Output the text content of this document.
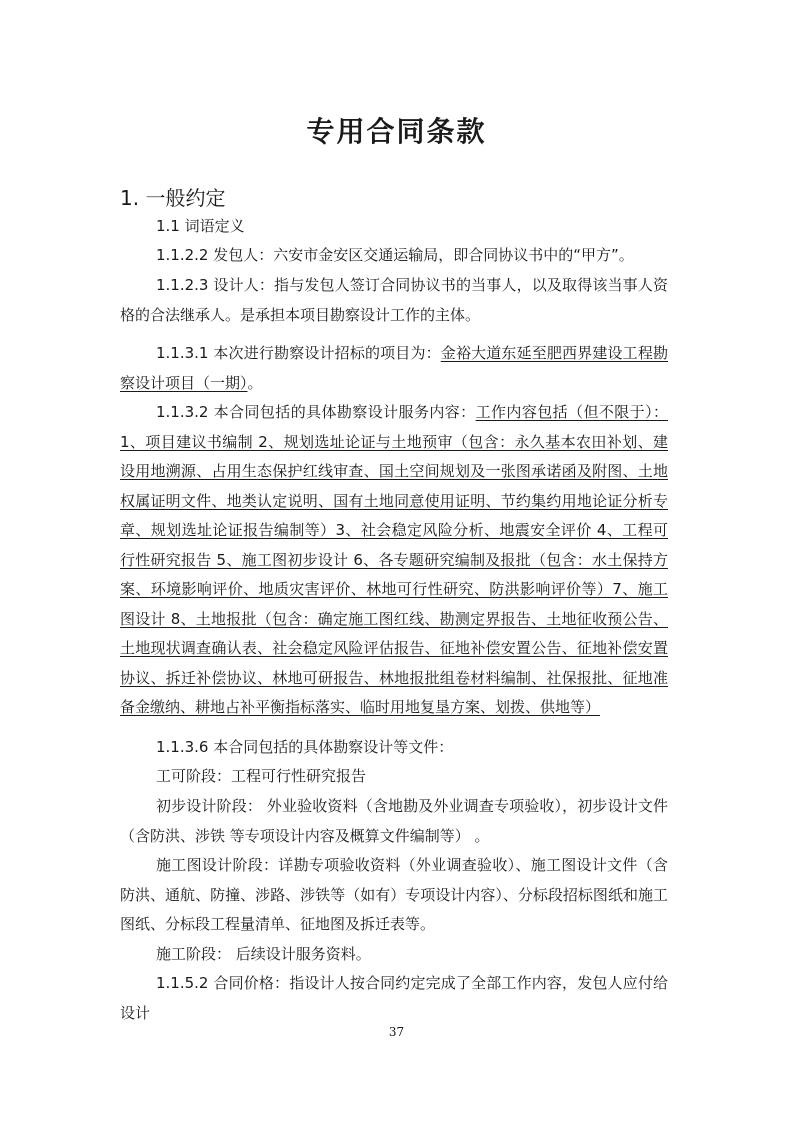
专用合同条款
1. 一般约定

1.1 词语定义

1.1.2.2 发包人：六安市金安区交通运输局，即合同协议书中的“甲方”。

1.1.2.3 设计人：指与发包人签订合同协议书的当事人，以及取得该当事人资格的合法继承人。是承担本项目勘察设计工作的主体。

1.1.3.1 本次进行勘察设计招标的项目为：金裕大道东延至肥西界建设工程勘察设计项目（一期）。

1.1.3.2 本合同包括的具体勘察设计服务内容：工作内容包括（但不限于）：1、项目建议书编制 2、规划选址论证与土地预审（包含：永久基本农田补划、建设用地溯源、占用生态保护红线审查、国土空间规划及一张图承诺函及附图、土地权属证明文件、地类认定说明、国有土地同意使用证明、节约集约用地论证分析专章、规划选址论证报告编制等）3、社会稳定风险分析、地震安全评价 4、工程可行性研究报告 5、施工图初步设计 6、各专题研究编制及报批（包含：水土保持方案、环境影响评价、地质灾害评价、林地可行性研究、防洪影响评价等）7、施工图设计 8、土地报批（包含：确定施工图红线、勘测定界报告、土地征收预公告、土地现状调查确认表、社会稳定风险评估报告、征地补偿安置公告、征地补偿安置协议、拆迁补偿协议、林地可研报告、林地报批组卷材料编制、社保报批、征地准备金缴纳、耕地占补平衡指标落实、临时用地复垦方案、划拨、供地等）

1.1.3.6 本合同包括的具体勘察设计等文件：

工可阶段：工程可行性研究报告

初步设计阶段： 外业验收资料（含地勘及外业调查专项验收），初步设计文件（含防洪、涉铁 等专项设计内容及概算文件编制等） 。

施工图设计阶段：详勘专项验收资料（外业调查验收）、施工图设计文件（含防洪、通航、防撞、涉路、涉铁等（如有）专项设计内容）、分标段招标图纸和施工图纸、分标段工程量清单、征地图及拆迁表等。

施工阶段： 后续设计服务资料。

1.1.5.2 合同价格：指设计人按合同约定完成了全部工作内容，发包人应付给设计

37
